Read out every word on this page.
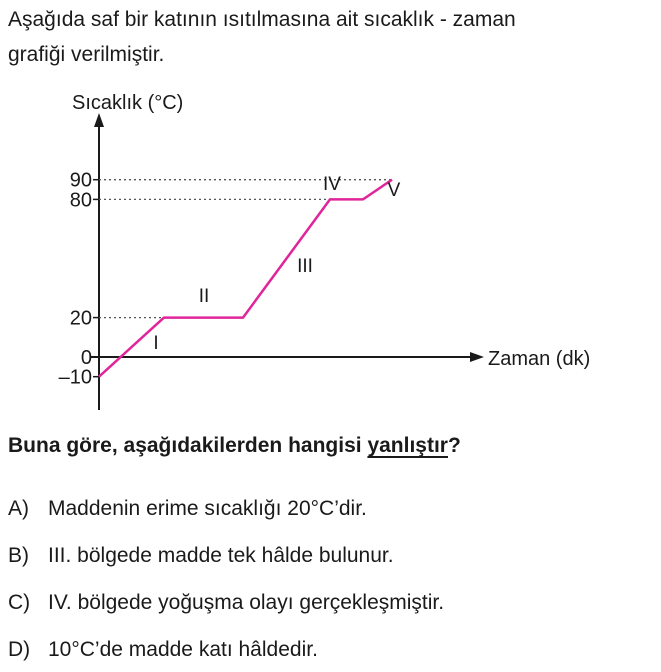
Aşağıda saf bir katının ısıtılmasına ait sıcaklık - zaman
grafiği verilmiştir.
Sıcaklık (°C)
Zaman (dk)
90
80
20
0
–10
I
II
III
IV V
Buna göre, aşağıdakilerden hangisi yanlıştır?
A) Maddenin erime sıcaklığı 20°C’dir.
B) III. bölgede madde tek hâlde bulunur.
C) IV. bölgede yoğuşma olayı gerçekleşmiştir.
D) 10°C’de madde katı hâldedir.
